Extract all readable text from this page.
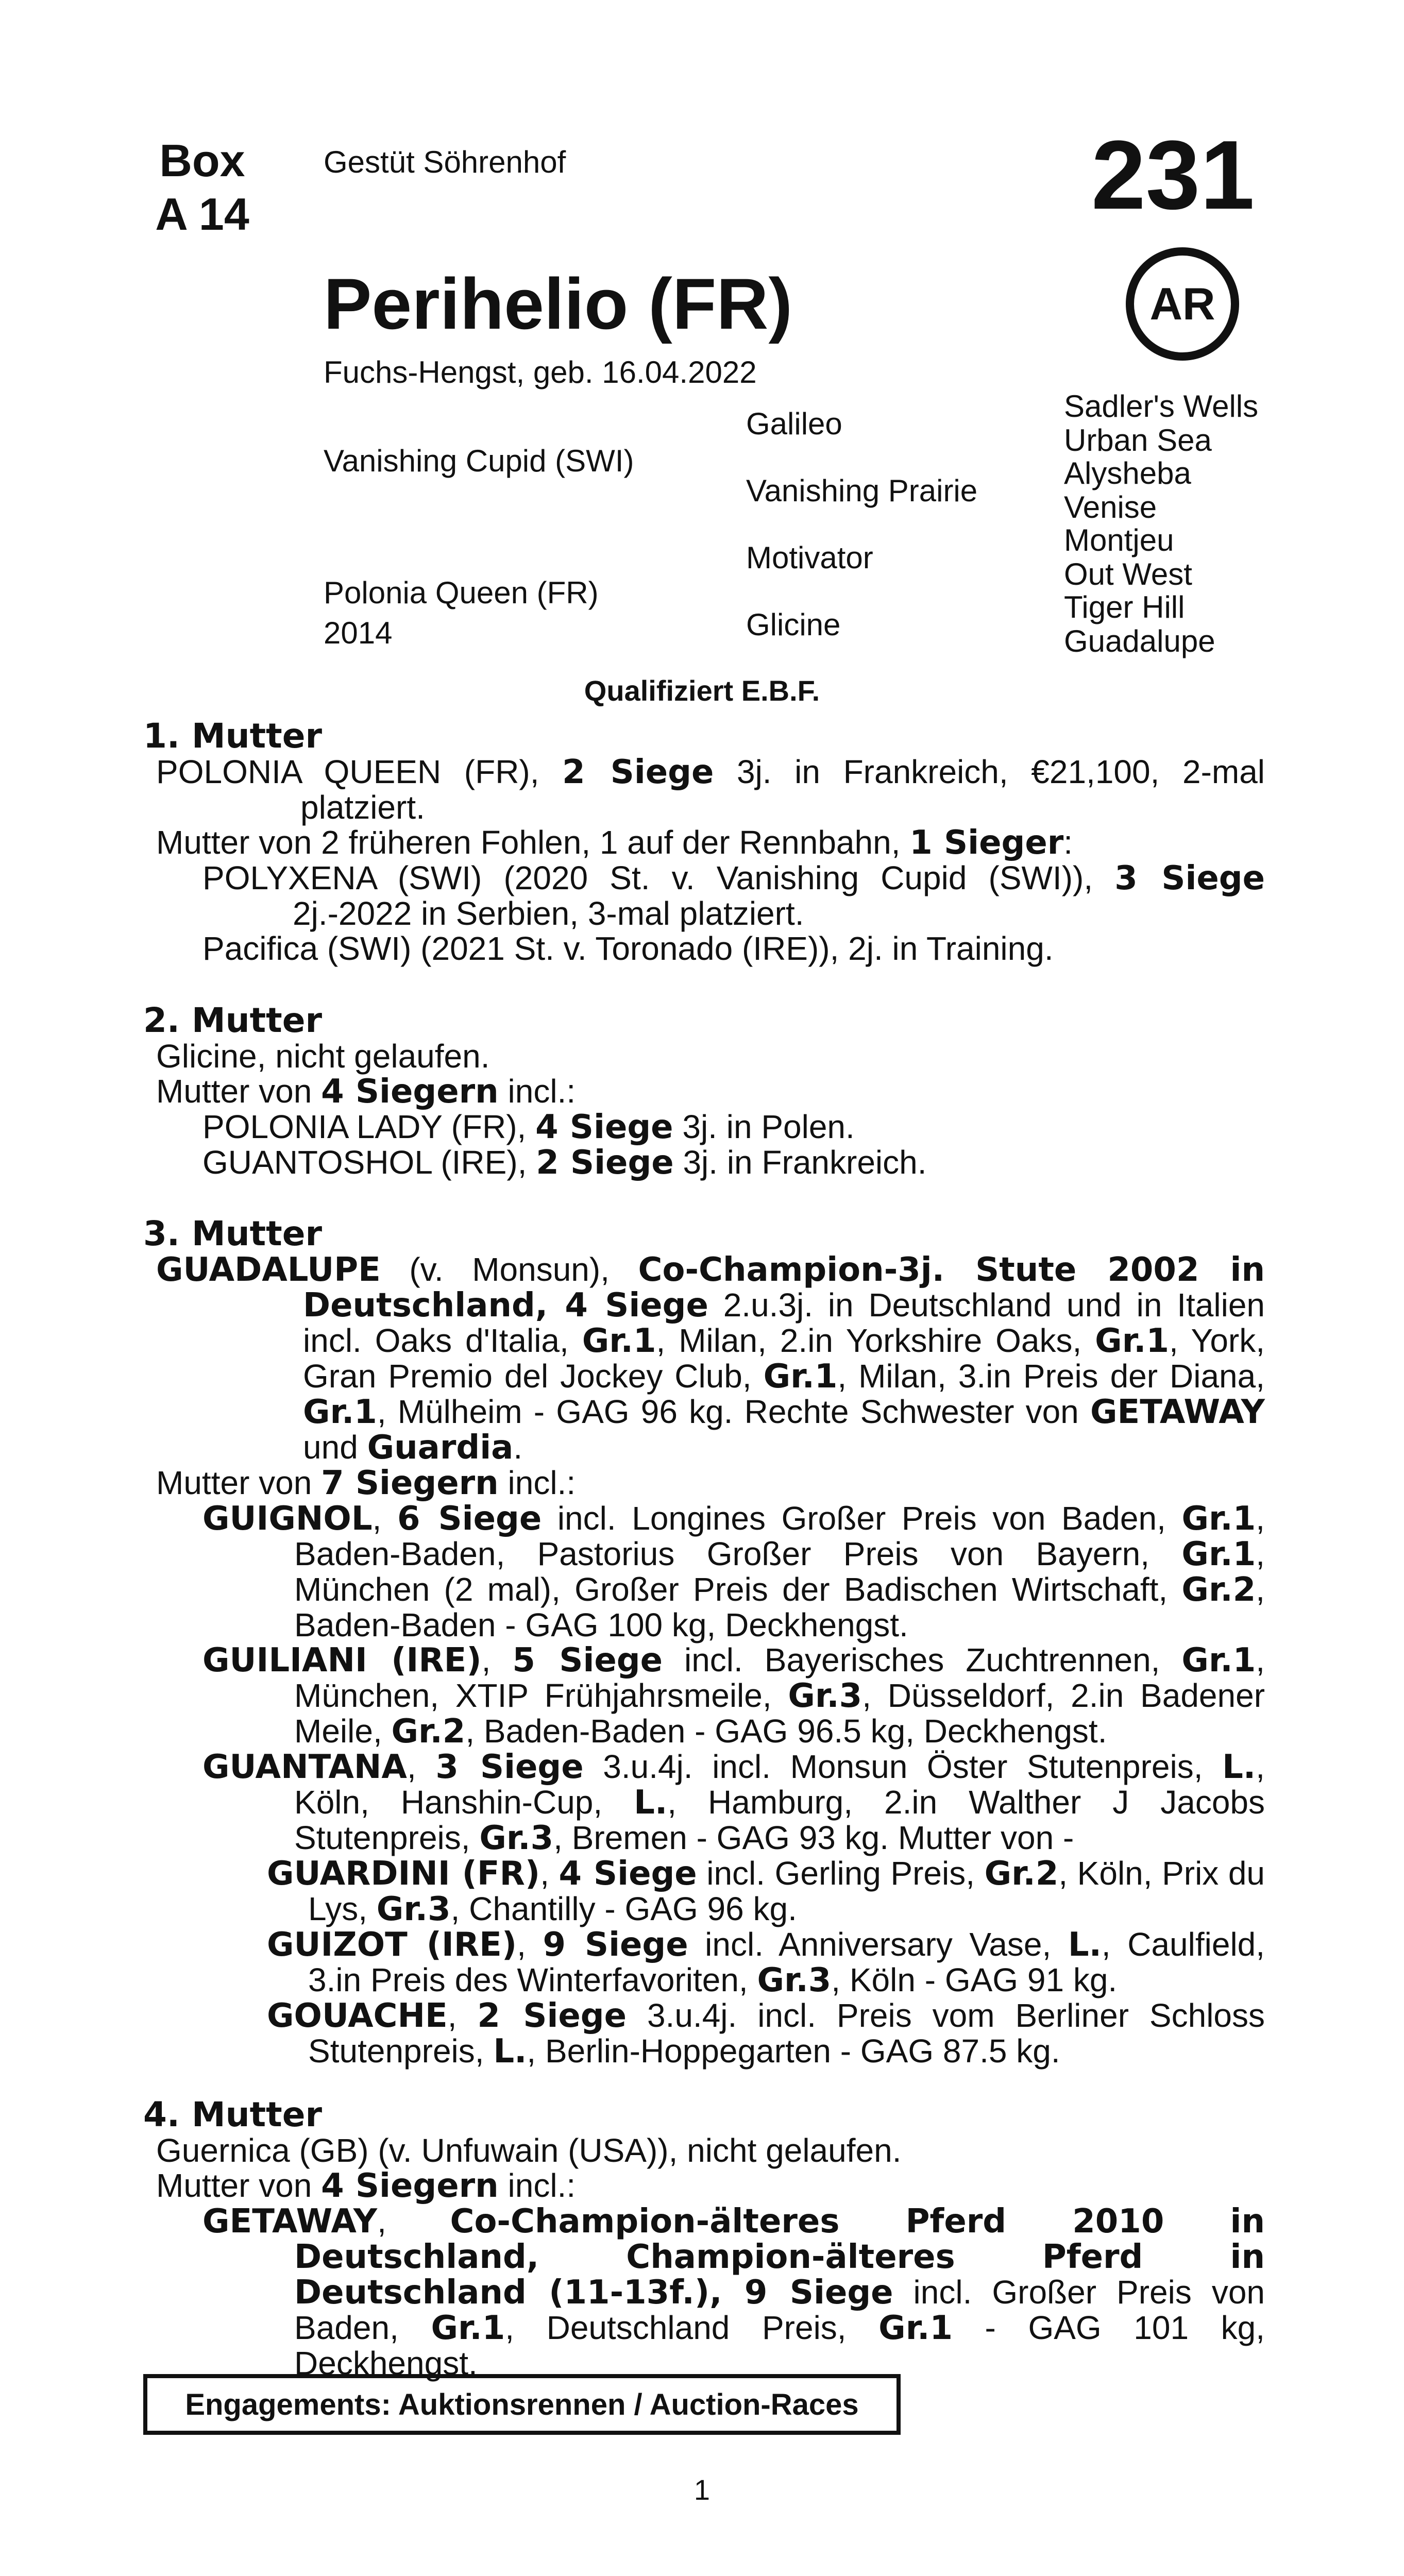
Box
A 14
Gestüt Söhrenhof	231
AR
Perihelio (FR)
Fuchs-Hengst, geb. 16.04.2022
Vanishing Cupid (SWI)
Polonia Queen (FR)
2014
Galileo
Vanishing Prairie
Motivator
Glicine
Sadler's Wells
Urban Sea
Alysheba
Venise
Montjeu
Out West
Tiger Hill
Guadalupe
Qualifiziert E.B.F.
1. Mutter

POLONIA QUEEN (FR), 2 Siege 3j. in Frankreich, €21,100, 2-mal platziert.

Mutter von 2 früheren Fohlen, 1 auf der Rennbahn, 1 Sieger:

POLYXENA (SWI) (2020 St. v. Vanishing Cupid (SWI)), 3 Siege 2j.-2022 in Serbien, 3-mal platziert.

Pacifica (SWI) (2021 St. v. Toronado (IRE)), 2j. in Training.

2. Mutter

Glicine, nicht gelaufen.

Mutter von 4 Siegern incl.:

POLONIA LADY (FR), 4 Siege 3j. in Polen.

GUANTOSHOL (IRE), 2 Siege 3j. in Frankreich.

3. Mutter

GUADALUPE (v. Monsun), Co-Champion-3j. Stute 2002 in Deutschland, 4 Siege 2.u.3j. in Deutschland und in Italien incl. Oaks d'Italia, Gr.1, Milan, 2.in Yorkshire Oaks, Gr.1, York, Gran Premio del Jockey Club, Gr.1, Milan, 3.in Preis der Diana, Gr.1, Mülheim - GAG 96 kg. Rechte Schwester von GETAWAY und Guardia.

Mutter von 7 Siegern incl.:

GUIGNOL, 6 Siege incl. Longines Großer Preis von Baden, Gr.1, Baden-Baden, Pastorius Großer Preis von Bayern, Gr.1, München (2 mal), Großer Preis der Badischen Wirtschaft, Gr.2, Baden-Baden - GAG 100 kg, Deckhengst.

GUILIANI (IRE), 5 Siege incl. Bayerisches Zuchtrennen, Gr.1, München, XTIP Frühjahrsmeile, Gr.3, Düsseldorf, 2.in Badener Meile, Gr.2, Baden-Baden - GAG 96.5 kg, Deckhengst.

GUANTANA, 3 Siege 3.u.4j. incl. Monsun Öster Stutenpreis, L., Köln, Hanshin-Cup, L., Hamburg, 2.in Walther J Jacobs Stutenpreis, Gr.3, Bremen - GAG 93 kg. Mutter von -

GUARDINI (FR), 4 Siege incl. Gerling Preis, Gr.2, Köln, Prix du Lys, Gr.3, Chantilly - GAG 96 kg.

GUIZOT (IRE), 9 Siege incl. Anniversary Vase, L., Caulfield, 3.in Preis des Winterfavoriten, Gr.3, Köln - GAG 91 kg.

GOUACHE, 2 Siege 3.u.4j. incl. Preis vom Berliner Schloss Stutenpreis, L., Berlin-Hoppegarten - GAG 87.5 kg.

4. Mutter

Guernica (GB) (v. Unfuwain (USA)), nicht gelaufen.

Mutter von 4 Siegern incl.:

GETAWAY, Co-Champion-älteres Pferd 2010 in Deutschland, Champion-älteres Pferd in Deutschland (11-13f.), 9 Siege incl. Großer Preis von Baden, Gr.1, Deutschland Preis, Gr.1 - GAG 101 kg, Deckhengst.

Engagements: Auktionsrennen / Auction-Races
1
